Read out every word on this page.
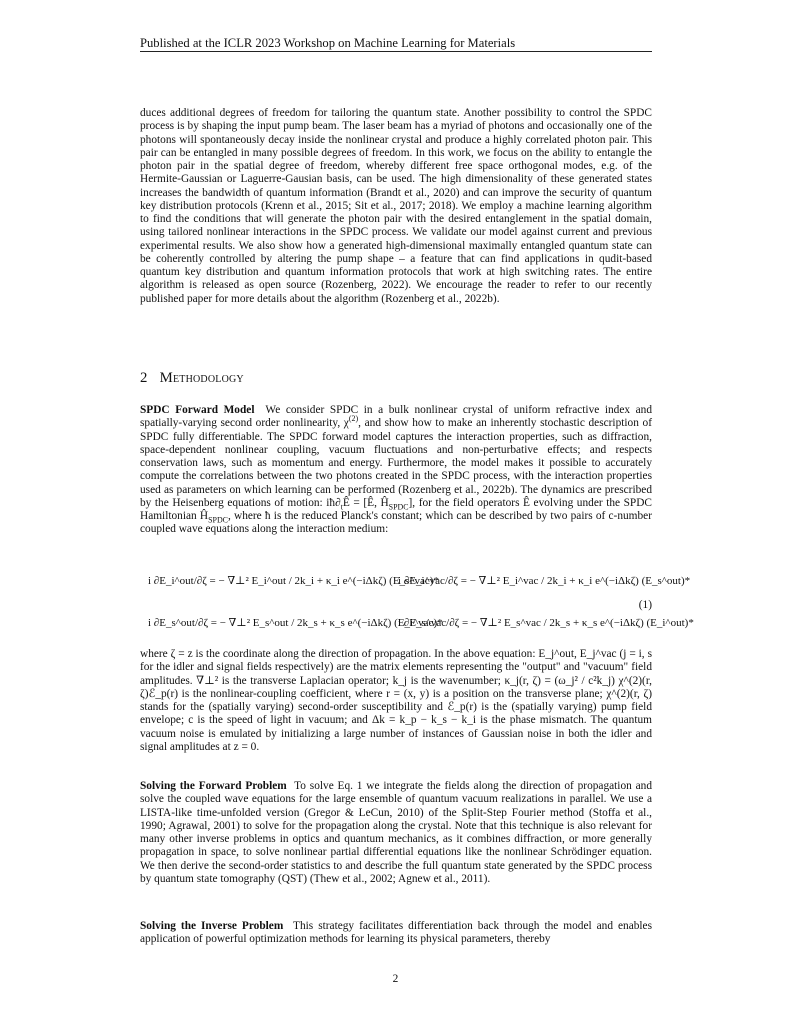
Published at the ICLR 2023 Workshop on Machine Learning for Materials

duces additional degrees of freedom for tailoring the quantum state. Another possibility to control the SPDC process is by shaping the input pump beam. The laser beam has a myriad of photons and occasionally one of the photons will spontaneously decay inside the nonlinear crystal and produce a highly correlated photon pair. This pair can be entangled in many possible degrees of freedom. In this work, we focus on the ability to entangle the photon pair in the spatial degree of freedom, whereby different free space orthogonal modes, e.g. of the Hermite-Gaussian or Laguerre-Gausian basis, can be used. The high dimensionality of these generated states increases the bandwidth of quantum information (Brandt et al., 2020) and can improve the security of quantum key distribution protocols (Krenn et al., 2015; Sit et al., 2017; 2018). We employ a machine learning algorithm to find the conditions that will generate the photon pair with the desired entanglement in the spatial domain, using tailored nonlinear interactions in the SPDC process. We validate our model against current and previous experimental results. We also show how a generated high-dimensional maximally entangled quantum state can be coherently controlled by altering the pump shape – a feature that can find applications in qudit-based quantum key distribution and quantum information protocols that work at high switching rates. The entire algorithm is released as open source (Rozenberg, 2022). We encourage the reader to refer to our recently published paper for more details about the algorithm (Rozenberg et al., 2022b).

2 Methodology

SPDC Forward Model We consider SPDC in a bulk nonlinear crystal of uniform refractive index and spatially-varying second order nonlinearity, $\chi^{(2)}$, and show how to make an inherently stochastic description of SPDC fully differentiable. The SPDC forward model captures the interaction properties, such as diffraction, space-dependent nonlinear coupling, vacuum fluctuations and non-perturbative effects; and respects conservation laws, such as momentum and energy. Furthermore, the model makes it possible to accurately compute the correlations between the two photons created in the SPDC process, with the interaction properties used as parameters on which learning can be performed (Rozenberg et al., 2022b). The dynamics are prescribed by the Heisenberg equations of motion: $iħ\partial_tÊ$ = [Ê, $Ĥ_{SPDC}$], for the field operators Ê evolving under the SPDC Hamiltonian $Ĥ_{SPDC}$, where ħ is the reduced Planck's constant; which can be described by two pairs of c-number coupled wave equations along the interaction medium:

i ∂E_i^out/∂ζ = − ∇⊥² E_i^out / 2k_i + κ_i e^(−iΔkζ) (E_s^vac)*
i ∂E_i^vac/∂ζ = − ∇⊥² E_i^vac / 2k_i + κ_i e^(−iΔkζ) (E_s^out)*
i ∂E_s^out/∂ζ = − ∇⊥² E_s^out / 2k_s + κ_s e^(−iΔkζ) (E_i^vac)*
i ∂E_s^vac/∂ζ = − ∇⊥² E_s^vac / 2k_s + κ_s e^(−iΔkζ) (E_i^out)*
(1)

where ζ = z is the coordinate along the direction of propagation. In the above equation: E_j^out, E_j^vac (j = i, s for the idler and signal fields respectively) are the matrix elements representing the "output" and "vacuum" field amplitudes. ∇⊥² is the transverse Laplacian operator; k_j is the wavenumber; κ_j(r, ζ) = (ω_j² / c²k_j) χ^(2)(r, ζ)ℰ_p(r) is the nonlinear-coupling coefficient, where r = (x, y) is a position on the transverse plane; χ^(2)(r, ζ) stands for the (spatially varying) second-order susceptibility and ℰ_p(r) is the (spatially varying) pump field envelope; c is the speed of light in vacuum; and Δk = k_p − k_s − k_i is the phase mismatch. The quantum vacuum noise is emulated by initializing a large number of instances of Gaussian noise in both the idler and signal amplitudes at z = 0.

Solving the Forward Problem To solve Eq. 1 we integrate the fields along the direction of propagation and solve the coupled wave equations for the large ensemble of quantum vacuum realizations in parallel. We use a LISTA-like time-unfolded version (Gregor & LeCun, 2010) of the Split-Step Fourier method (Stoffa et al., 1990; Agrawal, 2001) to solve for the propagation along the crystal. Note that this technique is also relevant for many other inverse problems in optics and quantum mechanics, as it combines diffraction, or more generally propagation in space, to solve nonlinear partial differential equations like the nonlinear Schrödinger equation. We then derive the second-order statistics to and describe the full quantum state generated by the SPDC process by quantum state tomography (QST) (Thew et al., 2002; Agnew et al., 2011).

Solving the Inverse Problem This strategy facilitates differentiation back through the model and enables application of powerful optimization methods for learning its physical parameters, thereby

2
